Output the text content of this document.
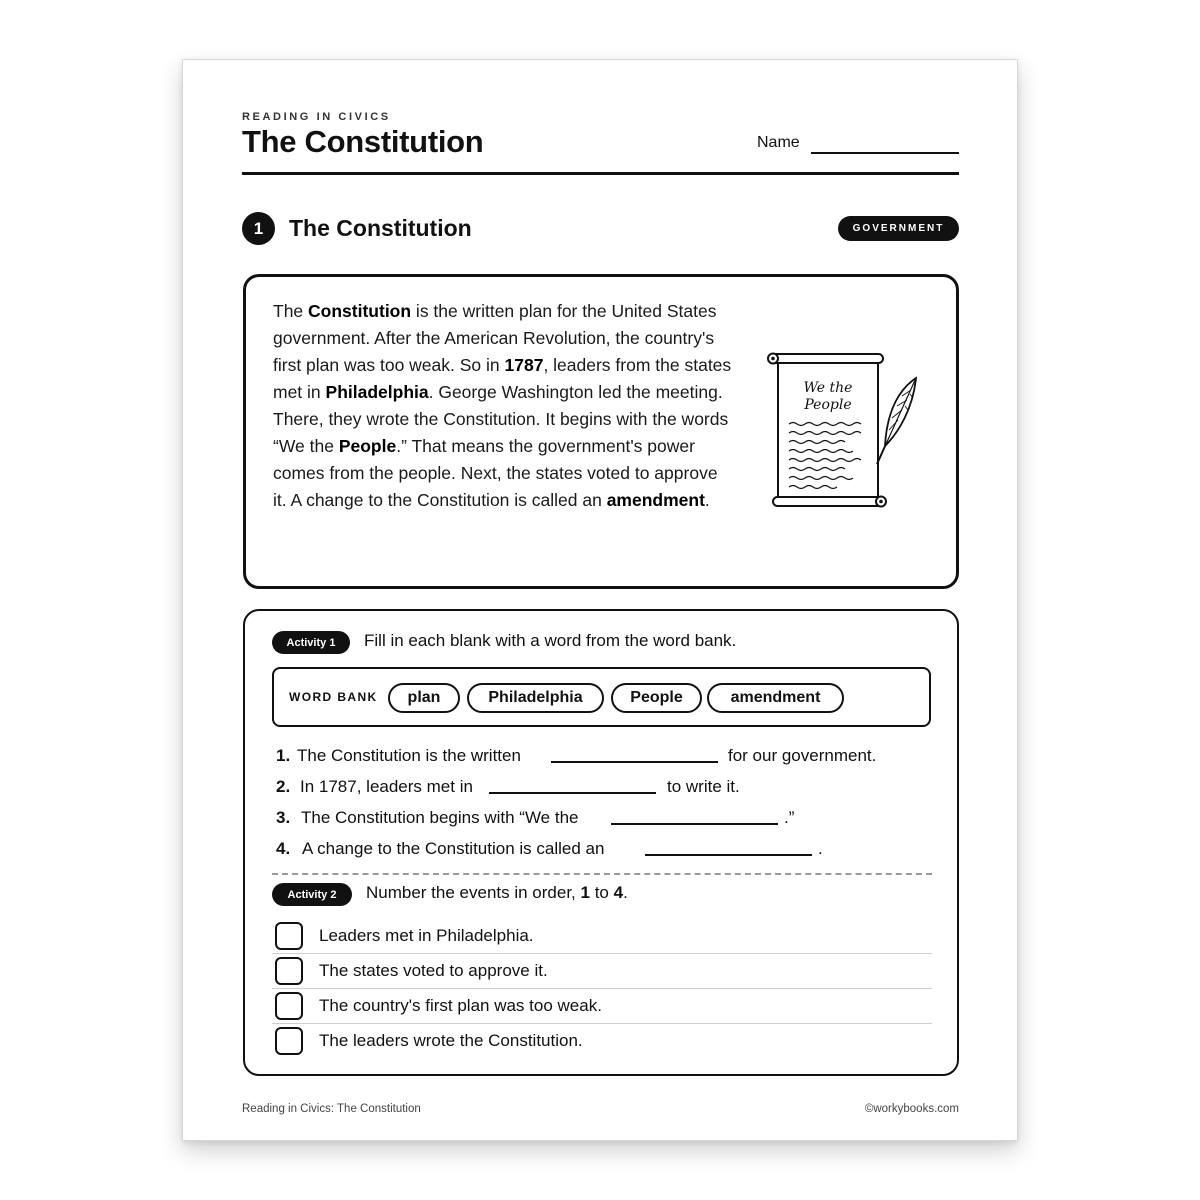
READING IN CIVICS
The Constitution	Name
1	The Constitution	GOVERNMENT

The Constitution is the written plan for the United States government. After the American Revolution, the country's first plan was too weak. So in 1787, leaders from the states met in Philadelphia. George Washington led the meeting. There, they wrote the Constitution. It begins with the words “We the People.” That means the government's power comes from the people. Next, the states voted to approve it. A change to the Constitution is called an amendment.

We the
People
Activity 1	Fill in each blank with a word from the word bank.
WORD BANK	plan	Philadelphia	People	amendment
1. The Constitution is the written	for our government.
2. In 1787, leaders met in	to write it.
3. The Constitution begins with “We the	.”
4. A change to the Constitution is called an	.
Activity 2	Number the events in order, 1 to 4.
Leaders met in Philadelphia.
The states voted to approve it.
The country's first plan was too weak.
The leaders wrote the Constitution.
Reading in Civics: The Constitution	©workybooks.com
